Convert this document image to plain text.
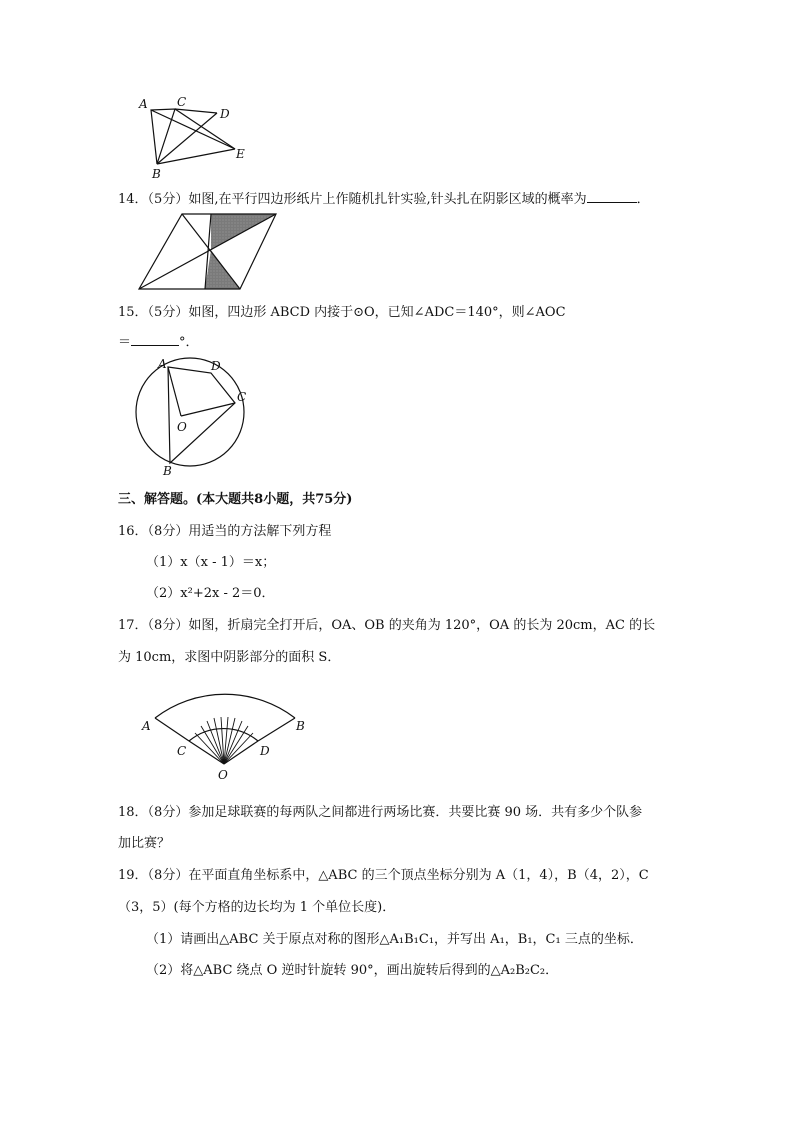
A C
D
B
E
14．（5分）如图,在平行四边形纸片上作随机扎针实验,针头扎在阴影区域的概率为	．
15．（5分）如图，四边形 ABCD 内接于⊙O，已知∠ADC＝140°，则∠AOC
＝	°．
A	D
C
O
B
三、解答题。(本大题共8小题，共75分)
16．（8分）用适当的方法解下列方程
（1）x（x - 1）＝x；
（2）x²+2x - 2＝0．
17．（8分）如图，折扇完全打开后，OA、OB 的夹角为 120°，OA 的长为 20cm，AC 的长
为 10cm，求图中阴影部分的面积 S．
A	B
C	D
O
18．（8分）参加足球联赛的每两队之间都进行两场比赛．共要比赛 90 场．共有多少个队参
加比赛？
19．（8分）在平面直角坐标系中，△ABC 的三个顶点坐标分别为 A（1，4），B（4，2），C
（3，5）(每个方格的边长均为 1 个单位长度)．
（1）请画出△ABC 关于原点对称的图形△A₁B₁C₁，并写出 A₁，B₁，C₁ 三点的坐标．
（2）将△ABC 绕点 O 逆时针旋转 90°，画出旋转后得到的△A₂B₂C₂．
